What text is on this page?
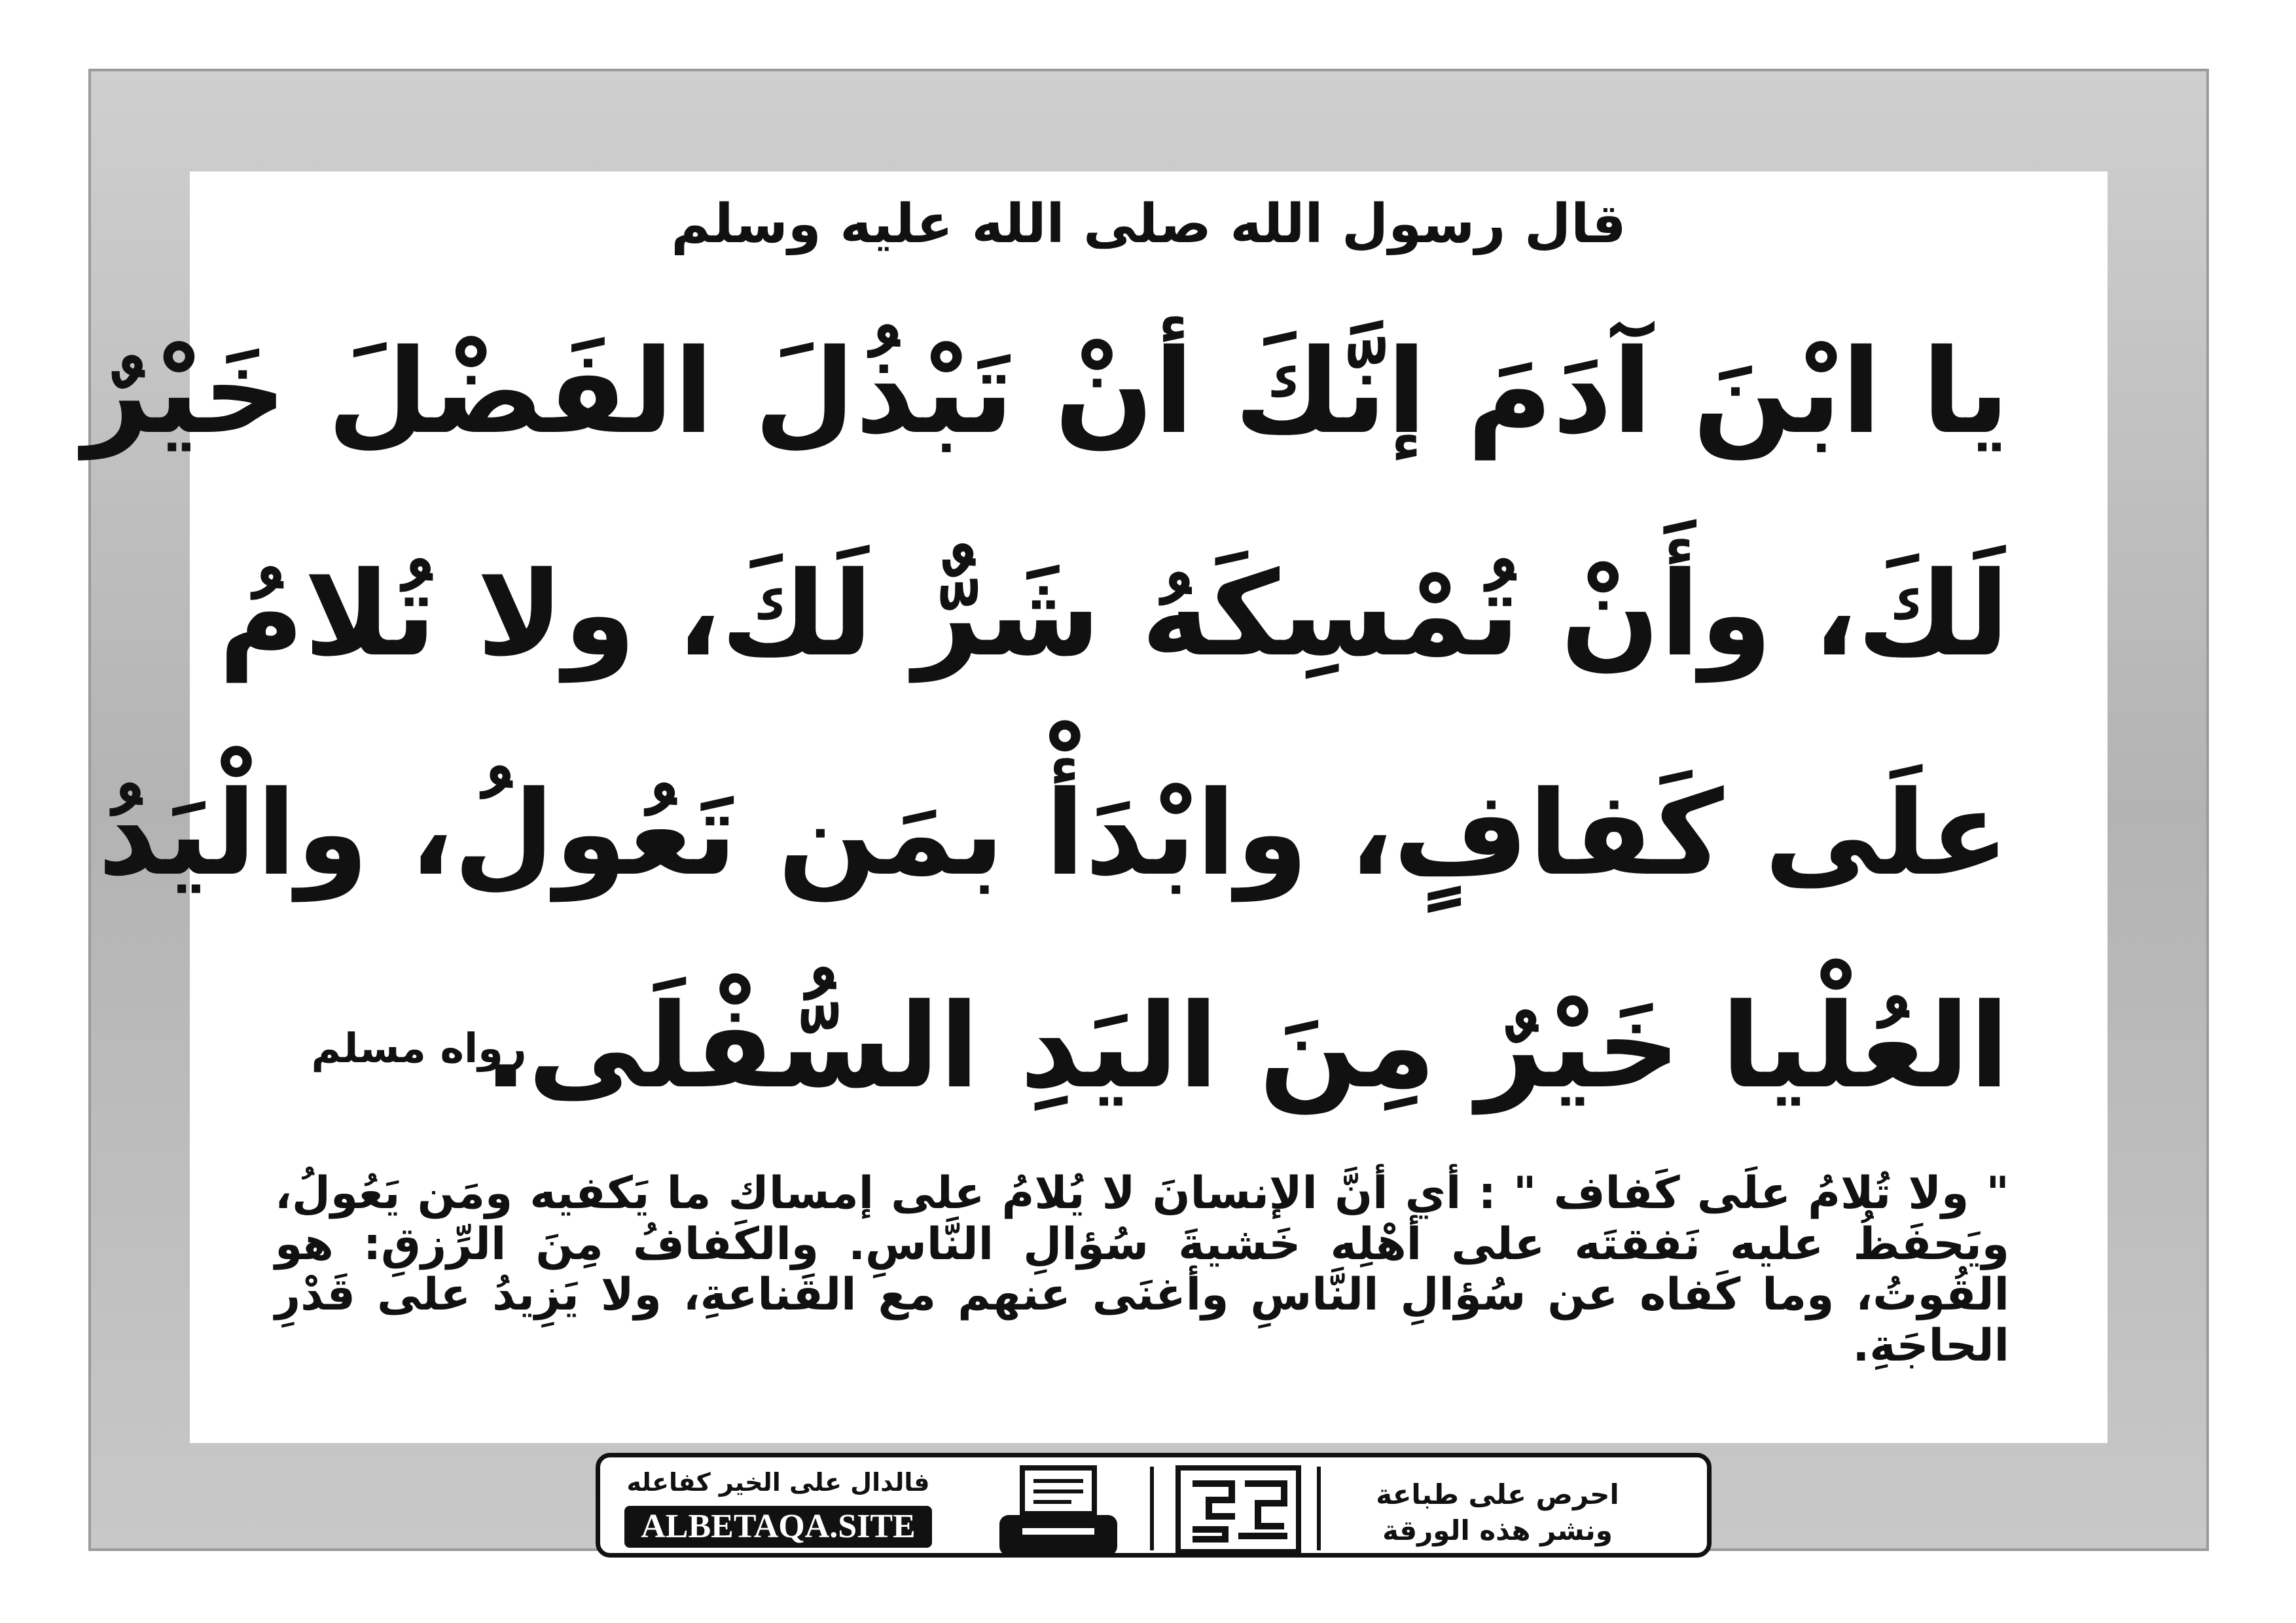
قال رسول الله صلى الله عليه وسلم
يا ابْنَ آدَمَ إنَّكَ أنْ تَبْذُلَ الفَضْلَ خَيْرٌ
لَكَ، وأَنْ تُمْسِكَهُ شَرٌّ لَكَ، ولا تُلامُ
علَى كَفافٍ، وابْدَأْ بمَن تَعُولُ، والْيَدُ
العُلْيا خَيْرٌ مِنَ اليَدِ السُّفْلَى.
رواه مسلم
" ولا تُلامُ علَى كَفاف " : أي أنَّ الإنسانَ لا يُلامُ على إمساك ما يَكفيه ومَن يَعُولُ، ويَحفَظُ عليه نَفقتَه على أهْلِه خَشيةَ سُؤالِ النَّاسِ. والكَفافُ مِنَ الرِّزقِ: هو القُوتُ، وما كَفاه عن سُؤالِ النَّاسِ وأغنَى عنهم مع القَناعةِ، ولا يَزِيدُ على قَدْرِ الحاجَةِ.
فالدال على الخير كفاعله
ALBETAQA.SITE
احرص على طباعة
ونشر هذه الورقة
